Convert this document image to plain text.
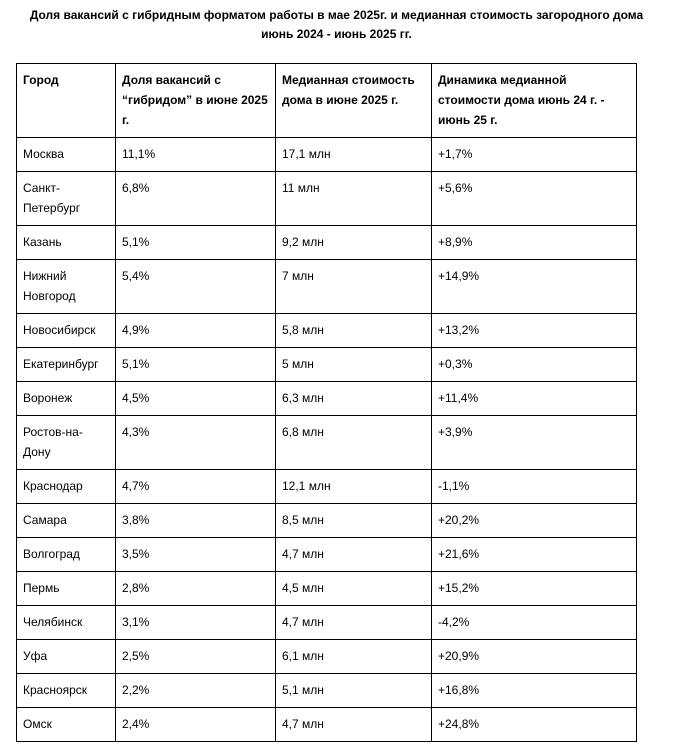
Доля вакансий с гибридным форматом работы в мае 2025г. и медианная стоимость загородного дома
июнь 2024 - июнь 2025 гг.
Город	Доля вакансий с “гибридом” в июне 2025 г.	Медианная стоимость дома в июне 2025 г.	Динамика медианной стоимости дома июнь 24 г. - июнь 25 г.
Москва	11,1%	17,1 млн	+1,7%
Санкт-Петербург	6,8%	11 млн	+5,6%
Казань	5,1%	9,2 млн	+8,9%
Нижний Новгород	5,4%	7 млн	+14,9%
Новосибирск	4,9%	5,8 млн	+13,2%
Екатеринбург	5,1%	5 млн	+0,3%
Воронеж	4,5%	6,3 млн	+11,4%
Ростов-на-Дону	4,3%	6,8 млн	+3,9%
Краснодар	4,7%	12,1 млн	-1,1%
Самара	3,8%	8,5 млн	+20,2%
Волгоград	3,5%	4,7 млн	+21,6%
Пермь	2,8%	4,5 млн	+15,2%
Челябинск	3,1%	4,7 млн	-4,2%
Уфа	2,5%	6,1 млн	+20,9%
Красноярск	2,2%	5,1 млн	+16,8%
Омск	2,4%	4,7 млн	+24,8%
